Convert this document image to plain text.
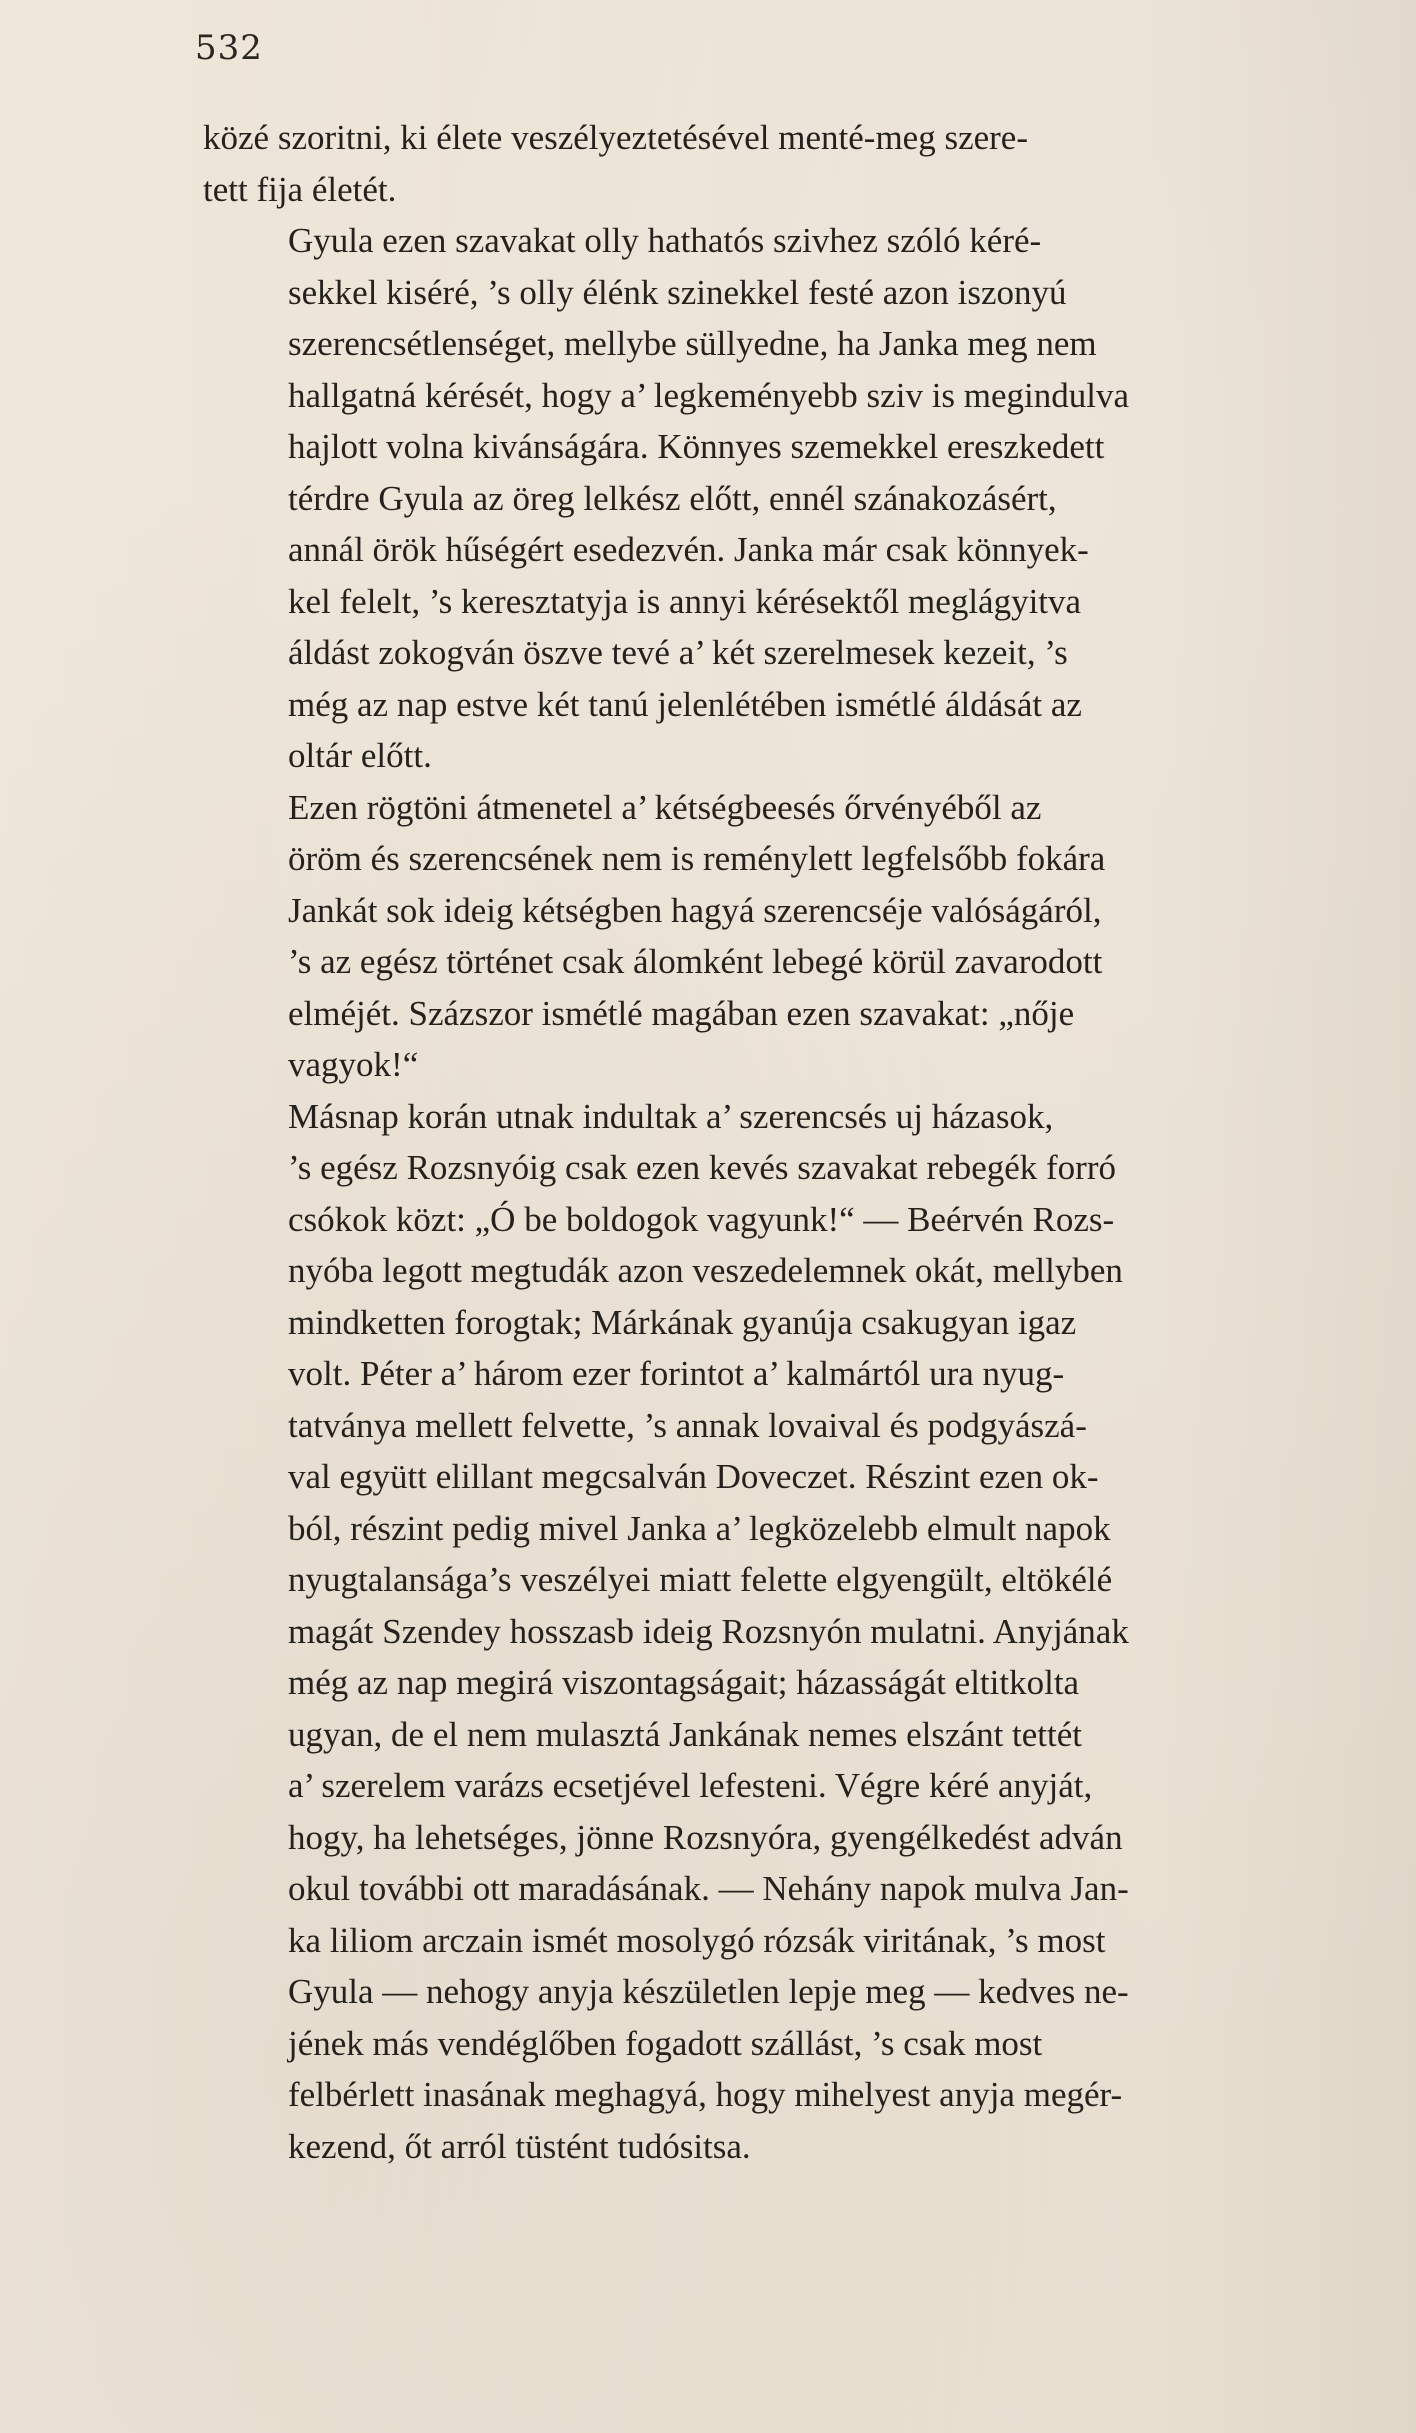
532

közé szoritni, ki élete veszélyeztetésével menté-meg szere-
tett fija életét.

Gyula ezen szavakat olly hathatós szivhez szóló kéré-
sekkel kiséré, ’s olly élénk szinekkel festé azon iszonyú
szerencsétlenséget, mellybe süllyedne, ha Janka meg nem
hallgatná kérését, hogy a’ legkeményebb sziv is megindulva
hajlott volna kivánságára. Könnyes szemekkel ereszkedett
térdre Gyula az öreg lelkész előtt, ennél szánakozásért,
annál örök hűségért esedezvén. Janka már csak könnyek-
kel felelt, ’s keresztatyja is annyi kérésektől meglágyitva
áldást zokogván öszve tevé a’ két szerelmesek kezeit, ’s
még az nap estve két tanú jelenlétében ismétlé áldását az
oltár előtt.

Ezen rögtöni átmenetel a’ kétségbeesés őrvényéből az
öröm és szerencsének nem is reménylett legfelsőbb fokára
Jankát sok ideig kétségben hagyá szerencséje valóságáról,
’s az egész történet csak álomként lebegé körül zavarodott
elméjét. Százszor ismétlé magában ezen szavakat: „nője
vagyok!“

Másnap korán utnak indultak a’ szerencsés uj házasok,
’s egész Rozsnyóig csak ezen kevés szavakat rebegék forró
csókok közt: „Ó be boldogok vagyunk!“ — Beérvén Rozs-
nyóba legott megtudák azon veszedelemnek okát, mellyben
mindketten forogtak; Márkának gyanúja csakugyan igaz
volt. Péter a’ három ezer forintot a’ kalmártól ura nyug-
tatványa mellett felvette, ’s annak lovaival és podgyászá-
val együtt elillant megcsalván Doveczet. Részint ezen ok-
ból, részint pedig mivel Janka a’ legközelebb elmult napok
nyugtalansága’s veszélyei miatt felette elgyengült, eltökélé
magát Szendey hosszasb ideig Rozsnyón mulatni. Anyjának
még az nap megirá viszontagságait; házasságát eltitkolta
ugyan, de el nem mulasztá Jankának nemes elszánt tettét
a’ szerelem varázs ecsetjével lefesteni. Végre kéré anyját,
hogy, ha lehetséges, jönne Rozsnyóra, gyengélkedést adván
okul további ott maradásának. — Nehány napok mulva Jan-
ka liliom arczain ismét mosolygó rózsák viritának, ’s most
Gyula — nehogy anyja készületlen lepje meg — kedves ne-
jének más vendéglőben fogadott szállást, ’s csak most
felbérlett inasának meghagyá, hogy mihelyest anyja megér-
kezend, őt arról tüstént tudósitsa.
